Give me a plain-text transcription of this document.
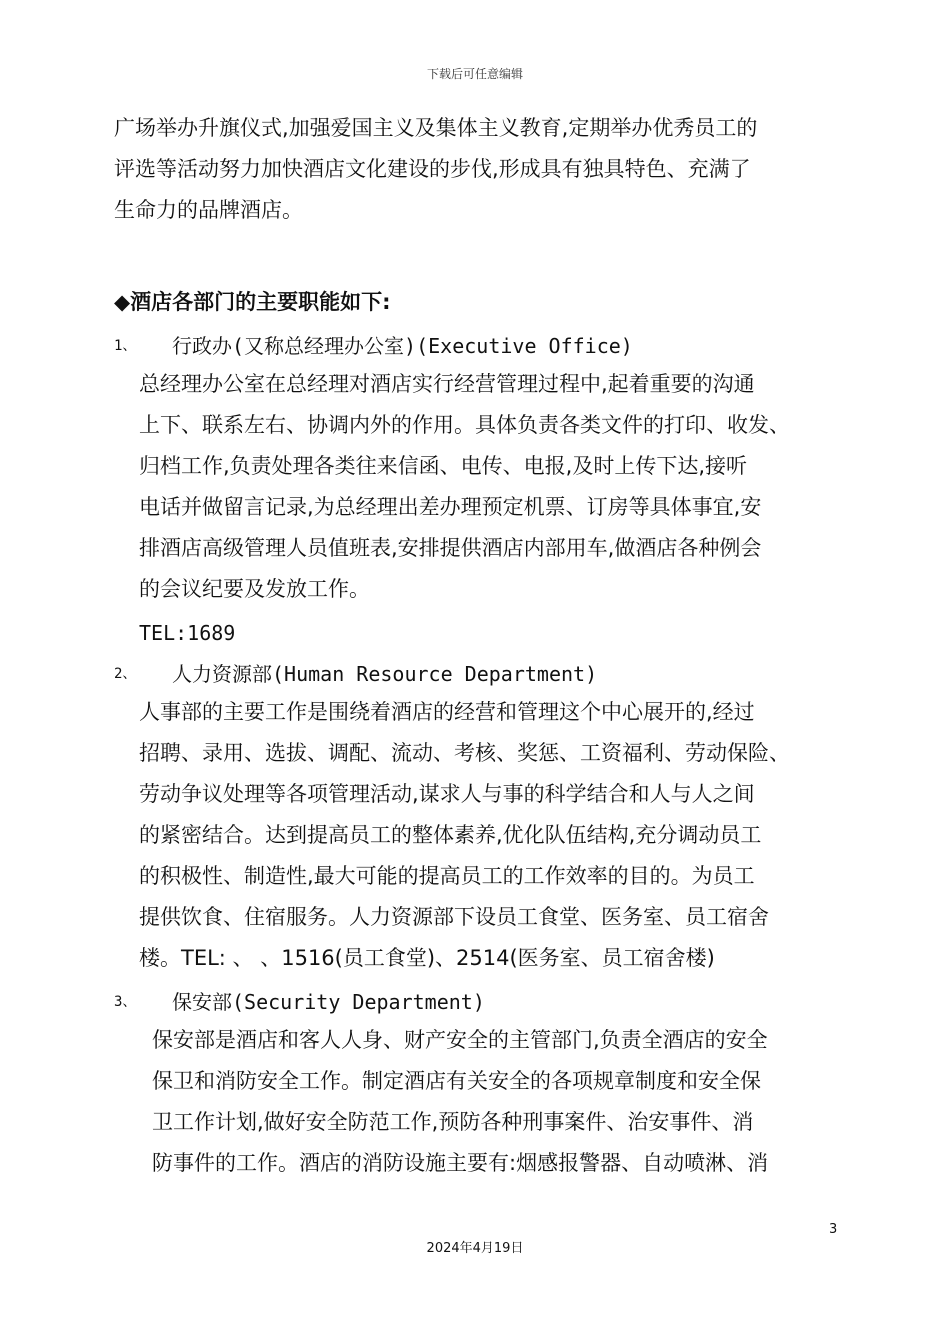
下载后可任意编辑
广场举办升旗仪式,加强爱国主义及集体主义教育,定期举办优秀员工的
评选等活动努力加快酒店文化建设的步伐,形成具有独具特色、充满了
生命力的品牌酒店。
◆酒店各部门的主要职能如下:
1、 行政办(又称总经理办公室)(Executive Office)
总经理办公室在总经理对酒店实行经营管理过程中,起着重要的沟通
上下、联系左右、协调内外的作用。具体负责各类文件的打印、收发、
归档工作,负责处理各类往来信函、电传、电报,及时上传下达,接听
电话并做留言记录,为总经理出差办理预定机票、订房等具体事宜,安
排酒店高级管理人员值班表,安排提供酒店内部用车,做酒店各种例会
的会议纪要及发放工作。
TEL:1689
2、 人力资源部(Human Resource Department)
人事部的主要工作是围绕着酒店的经营和管理这个中心展开的,经过
招聘、录用、选拔、调配、流动、考核、奖惩、工资福利、劳动保险、
劳动争议处理等各项管理活动,谋求人与事的科学结合和人与人之间
的紧密结合。达到提高员工的整体素养,优化队伍结构,充分调动员工
的积极性、制造性,最大可能的提高员工的工作效率的目的。为员工
提供饮食、住宿服务。人力资源部下设员工食堂、医务室、员工宿舍
楼。TEL: 、 、1516(员工食堂)、2514(医务室、员工宿舍楼)
3、 保安部(Security Department)
保安部是酒店和客人人身、财产安全的主管部门,负责全酒店的安全
保卫和消防安全工作。制定酒店有关安全的各项规章制度和安全保
卫工作计划,做好安全防范工作,预防各种刑事案件、治安事件、消
防事件的工作。酒店的消防设施主要有:烟感报警器、自动喷淋、消
3
2024年4月19日
